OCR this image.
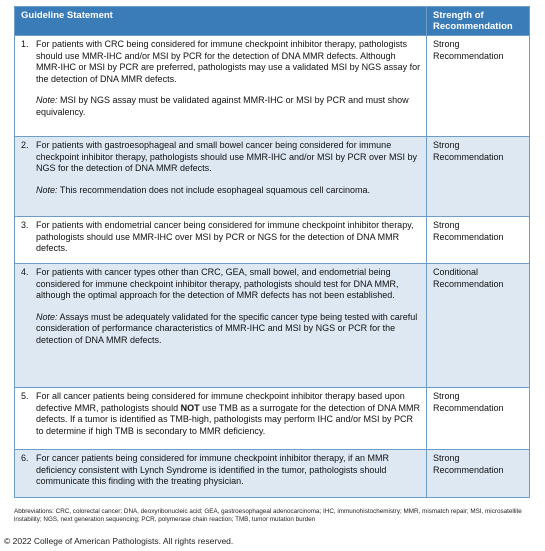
Guideline Statement	Strength of Recommendation

1. For patients with CRC being considered for immune checkpoint inhibitor therapy, pathologists should use MMR-IHC and/or MSI by PCR for the detection of DNA MMR defects. Although MMR-IHC or MSI by PCR are preferred, pathologists may use a validated MSI by NGS assay for the detection of DNA MMR defects.
Note: MSI by NGS assay must be validated against MMR-IHC or MSI by PCR and must show equivalency.	Strong Recommendation

2. For patients with gastroesophageal and small bowel cancer being considered for immune checkpoint inhibitor therapy, pathologists should use MMR-IHC and/or MSI by PCR over MSI by NGS for the detection of DNA MMR defects.
Note: This recommendation does not include esophageal squamous cell carcinoma.	Strong Recommendation

3. For patients with endometrial cancer being considered for immune checkpoint inhibitor therapy, pathologists should use MMR-IHC over MSI by PCR or NGS for the detection of DNA MMR defects.	Strong Recommendation

4. For patients with cancer types other than CRC, GEA, small bowel, and endometrial being considered for immune checkpoint inhibitor therapy, pathologists should test for DNA MMR, although the optimal approach for the detection of MMR defects has not been established.
Note: Assays must be adequately validated for the specific cancer type being tested with careful consideration of performance characteristics of MMR-IHC and MSI by NGS or PCR for the detection of DNA MMR defects.	Conditional Recommendation

5. For all cancer patients being considered for immune checkpoint inhibitor therapy based upon defective MMR, pathologists should NOT use TMB as a surrogate for the detection of DNA MMR defects. If a tumor is identified as TMB-high, pathologists may perform IHC and/or MSI by PCR to determine if high TMB is secondary to MMR deficiency.	Strong Recommendation

6. For cancer patients being considered for immune checkpoint inhibitor therapy, if an MMR deficiency consistent with Lynch Syndrome is identified in the tumor, pathologists should communicate this finding with the treating physician.	Strong Recommendation
Abbreviations: CRC, colorectal cancer; DNA, deoxyribonucleic acid; GEA, gastroesophageal adenocarcinoma; IHC, immunohistochemistry; MMR, mismatch repair; MSI, microsatellite instability; NGS, next generation sequencing; PCR, polymerase chain reaction; TMB, tumor mutation burden
© 2022 College of American Pathologists. All rights reserved.
